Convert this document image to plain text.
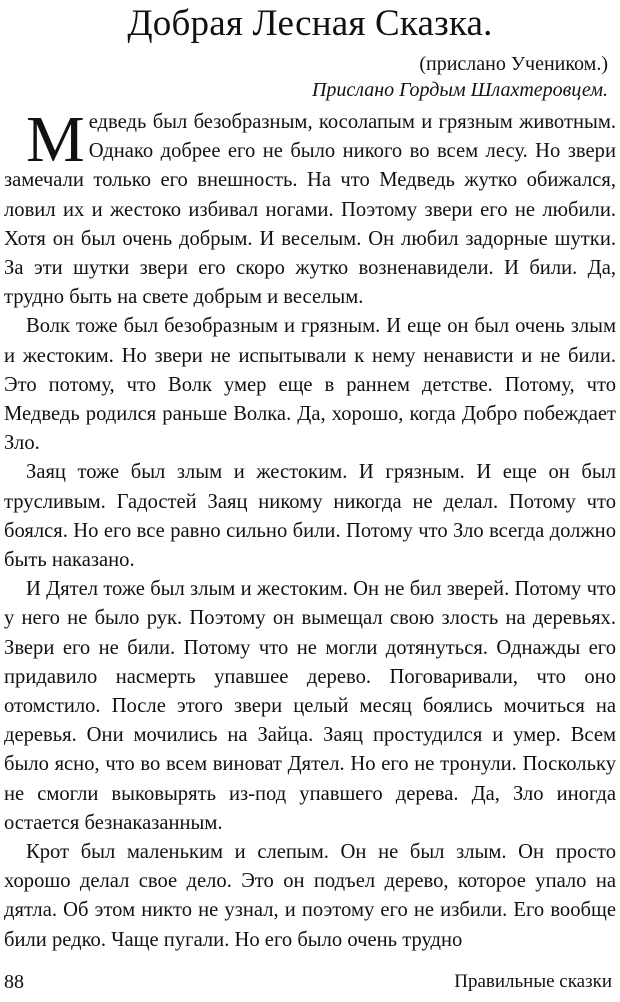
Добрая Лесная Сказка.
(прислано Учеником.)
Прислано Гордым Шлахтеровцем.

Медведь был безобразным, косолапым и грязным животным. Однако добрее его не было никого во всем лесу. Но звери замечали только его внешность. На что Медведь жутко обижался, ловил их и жестоко избивал ногами. Поэтому звери его не любили. Хотя он был очень добрым. И веселым. Он любил задорные шутки. За эти шутки звери его скоро жутко возненавидели. И били. Да, трудно быть на свете добрым и веселым.

Волк тоже был безобразным и грязным. И еще он был очень злым и жестоким. Но звери не испытывали к нему ненависти и не били. Это потому, что Волк умер еще в раннем детстве. Потому, что Медведь родился раньше Волка. Да, хорошо, когда Добро побеждает Зло.

Заяц тоже был злым и жестоким. И грязным. И еще он был трусливым. Гадостей Заяц никому никогда не делал. Потому что боялся. Но его все равно сильно били. Потому что Зло всегда должно быть наказано.

И Дятел тоже был злым и жестоким. Он не бил зверей. Потому что у него не было рук. Поэтому он вымещал свою злость на деревьях. Звери его не били. Потому что не могли дотянуться. Однажды его придавило насмерть упавшее дерево. Поговаривали, что оно отомстило. После этого звери целый месяц боялись мочиться на деревья. Они мочились на Зайца. Заяц простудился и умер. Всем было ясно, что во всем виноват Дятел. Но его не тронули. Поскольку не смогли выковырять из-под упавшего дерева. Да, Зло иногда остается безнаказанным.

Крот был маленьким и слепым. Он не был злым. Он просто хорошо делал свое дело. Это он подъел дерево, которое упало на дятла. Об этом никто не узнал, и поэтому его не избили. Его вообще били редко. Чаще пугали. Но его было очень трудно

88	Правильные сказки
